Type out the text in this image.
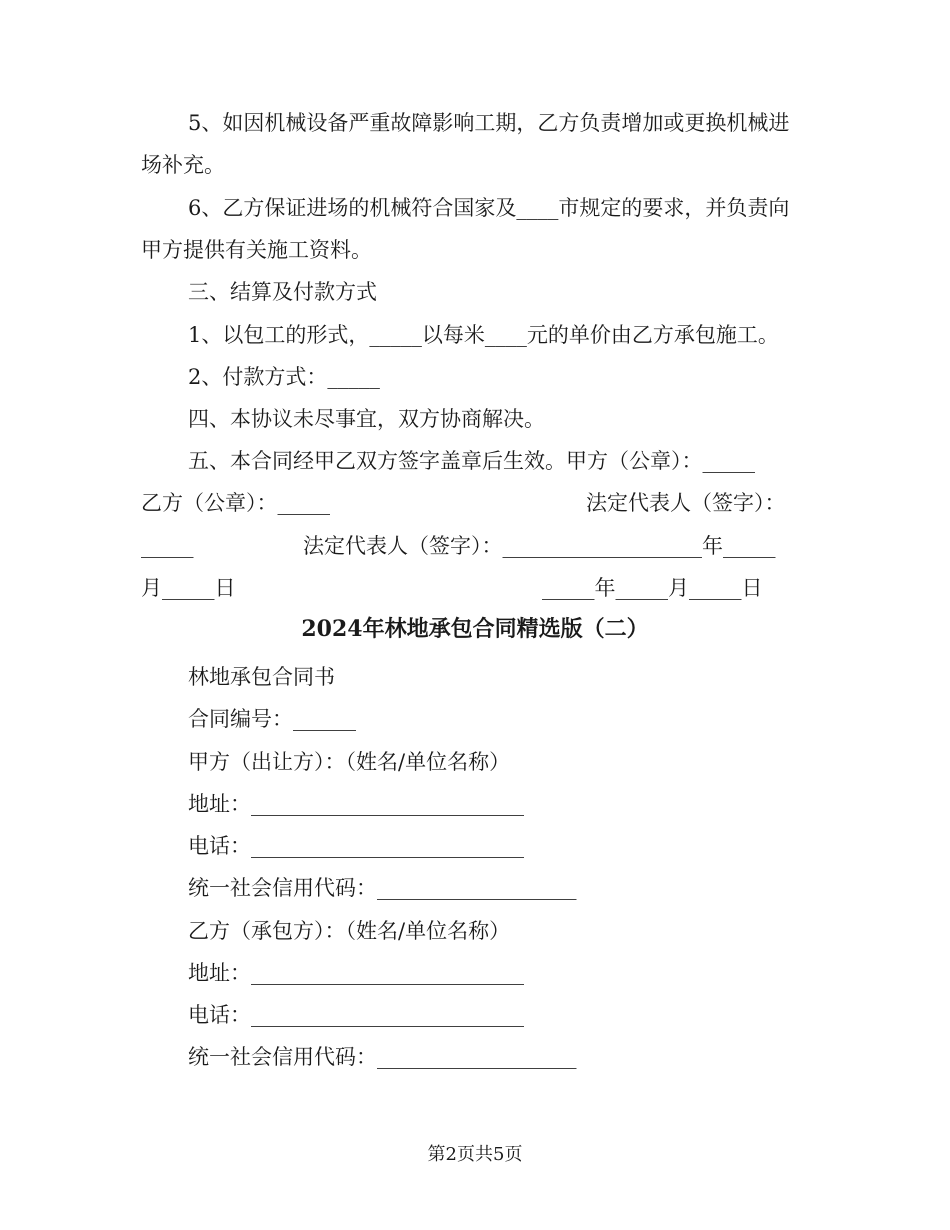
5、如因机械设备严重故障影响工期，乙方负责增加或更换机械进

场补充。

6、乙方保证进场的机械符合国家及____市规定的要求，并负责向

甲方提供有关施工资料。

三、结算及付款方式

1、以包工的形式，_____以每米____元的单价由乙方承包施工。

2、付款方式：_____

四、本协议未尽事宜，双方协商解决。

五、本合同经甲乙双方签字盖章后生效。甲方（公章）：_____

乙方（公章）：_____	法定代表人（签字）：

_____	法定代表人（签字）：___________________年_____

月_____日	_____年_____月_____日

2024年林地承包合同精选版（二）

林地承包合同书

合同编号：______

甲方（出让方）：（姓名/单位名称）

地址：__________________________

电话：__________________________

统一社会信用代码：___________________

乙方（承包方）：（姓名/单位名称）

地址：__________________________

电话：__________________________

统一社会信用代码：___________________

第2页共5页
